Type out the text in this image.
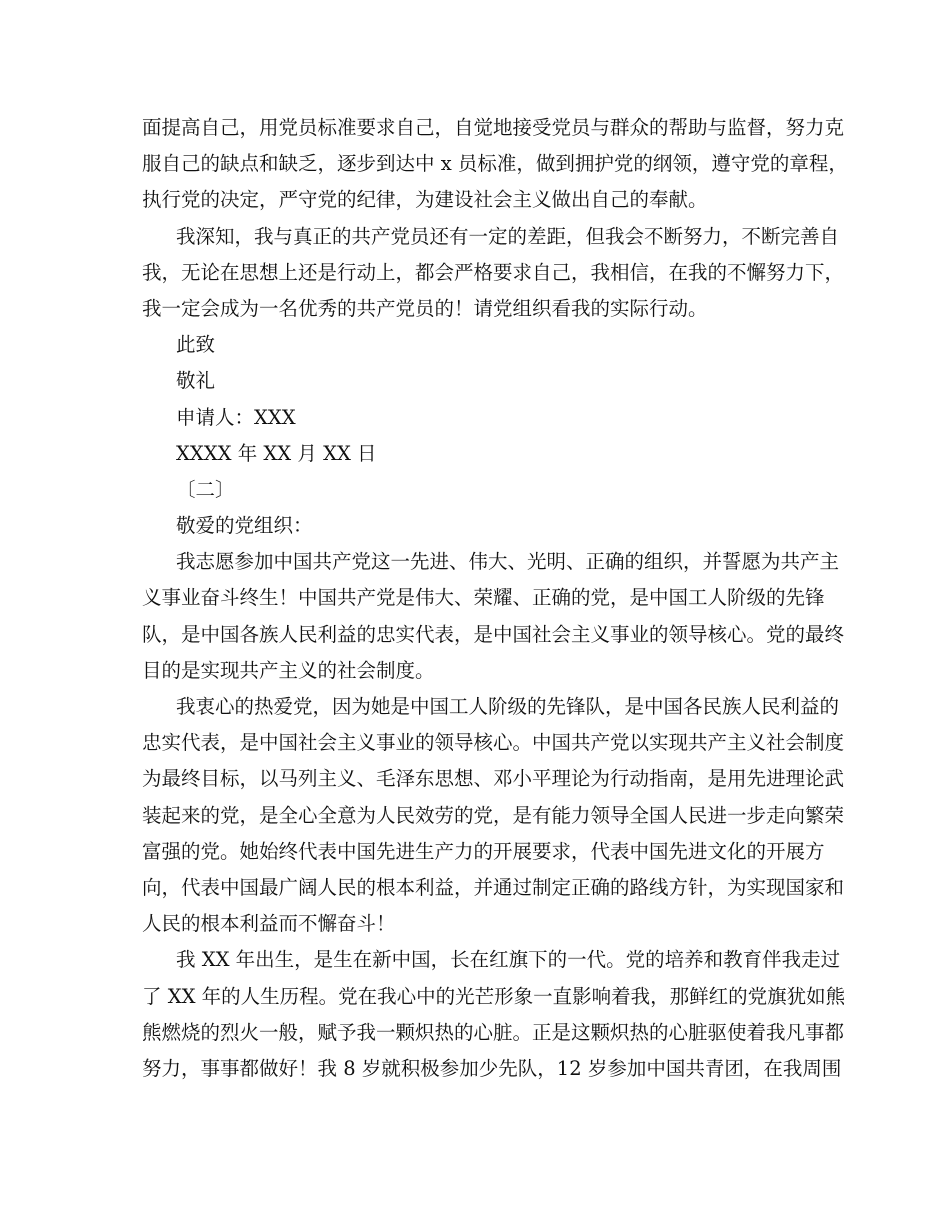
面提高自己，用党员标准要求自己，自觉地接受党员与群众的帮助与监督，努力克
服自己的缺点和缺乏，逐步到达中 x 员标准，做到拥护党的纲领，遵守党的章程，
执行党的决定，严守党的纪律，为建设社会主义做出自己的奉献。
我深知，我与真正的共产党员还有一定的差距，但我会不断努力，不断完善自
我，无论在思想上还是行动上，都会严格要求自己，我相信，在我的不懈努力下，
我一定会成为一名优秀的共产党员的！请党组织看我的实际行动。
此致
敬礼
申请人：XXX
XXXX 年 XX 月 XX 日
〔二〕
敬爱的党组织：
我志愿参加中国共产党这一先进、伟大、光明、正确的组织，并誓愿为共产主
义事业奋斗终生！中国共产党是伟大、荣耀、正确的党，是中国工人阶级的先锋
队，是中国各族人民利益的忠实代表，是中国社会主义事业的领导核心。党的最终
目的是实现共产主义的社会制度。
我衷心的热爱党，因为她是中国工人阶级的先锋队，是中国各民族人民利益的
忠实代表，是中国社会主义事业的领导核心。中国共产党以实现共产主义社会制度
为最终目标，以马列主义、毛泽东思想、邓小平理论为行动指南，是用先进理论武
装起来的党，是全心全意为人民效劳的党，是有能力领导全国人民进一步走向繁荣
富强的党。她始终代表中国先进生产力的开展要求，代表中国先进文化的开展方
向，代表中国最广阔人民的根本利益，并通过制定正确的路线方针，为实现国家和
人民的根本利益而不懈奋斗！
我 XX 年出生，是生在新中国，长在红旗下的一代。党的培养和教育伴我走过
了 XX 年的人生历程。党在我心中的光芒形象一直影响着我，那鲜红的党旗犹如熊
熊燃烧的烈火一般，赋予我一颗炽热的心脏。正是这颗炽热的心脏驱使着我凡事都
努力，事事都做好！我 8 岁就积极参加少先队，12 岁参加中国共青团，在我周围
